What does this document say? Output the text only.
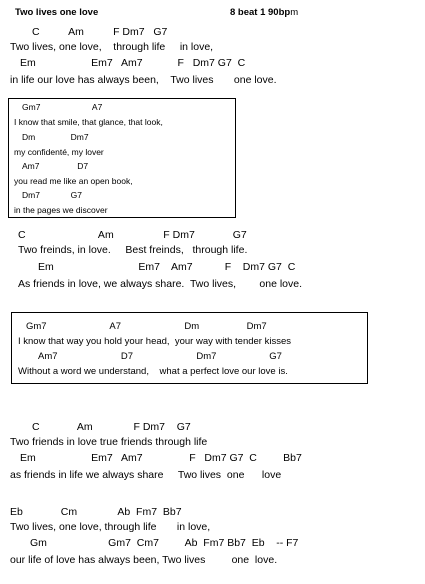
Two lives one love	8 beat 1 90bpm
C          Am          F Dm7   G7
Two lives, one love,    through life     in love,
Em                   Em7   Am7            F   Dm7 G7  C
in life our love has always been,    Two lives       one love.
Gm7                      A7
I know that smile, that glance, that look,
Dm               Dm7
my confidenté, my lover
Am7                D7
you read me like an open book,
Dm7             G7
in the pages we discover
C                         Am                 F Dm7             G7
Two freinds, in love.     Best freinds,   through life.
Em                             Em7    Am7           F    Dm7 G7  C
As friends in love, we always share.  Two lives,        one love.
Gm7                        A7                        Dm                  Dm7
I know that way you hold your head,  your way with tender kisses
Am7                        D7                        Dm7                    G7
Without a word we understand,    what a perfect love our love is.
C             Am              F Dm7    G7
Two friends in love true friends through life
Em                   Em7   Am7                F   Dm7 G7  C         Bb7
as friends in life we always share     Two lives  one      love
Eb             Cm              Ab  Fm7  Bb7
Two lives, one love, through life       in love,
Gm                     Gm7  Cm7         Ab  Fm7 Bb7  Eb    -- F7
our life of love has always been, Two lives         one  love.
